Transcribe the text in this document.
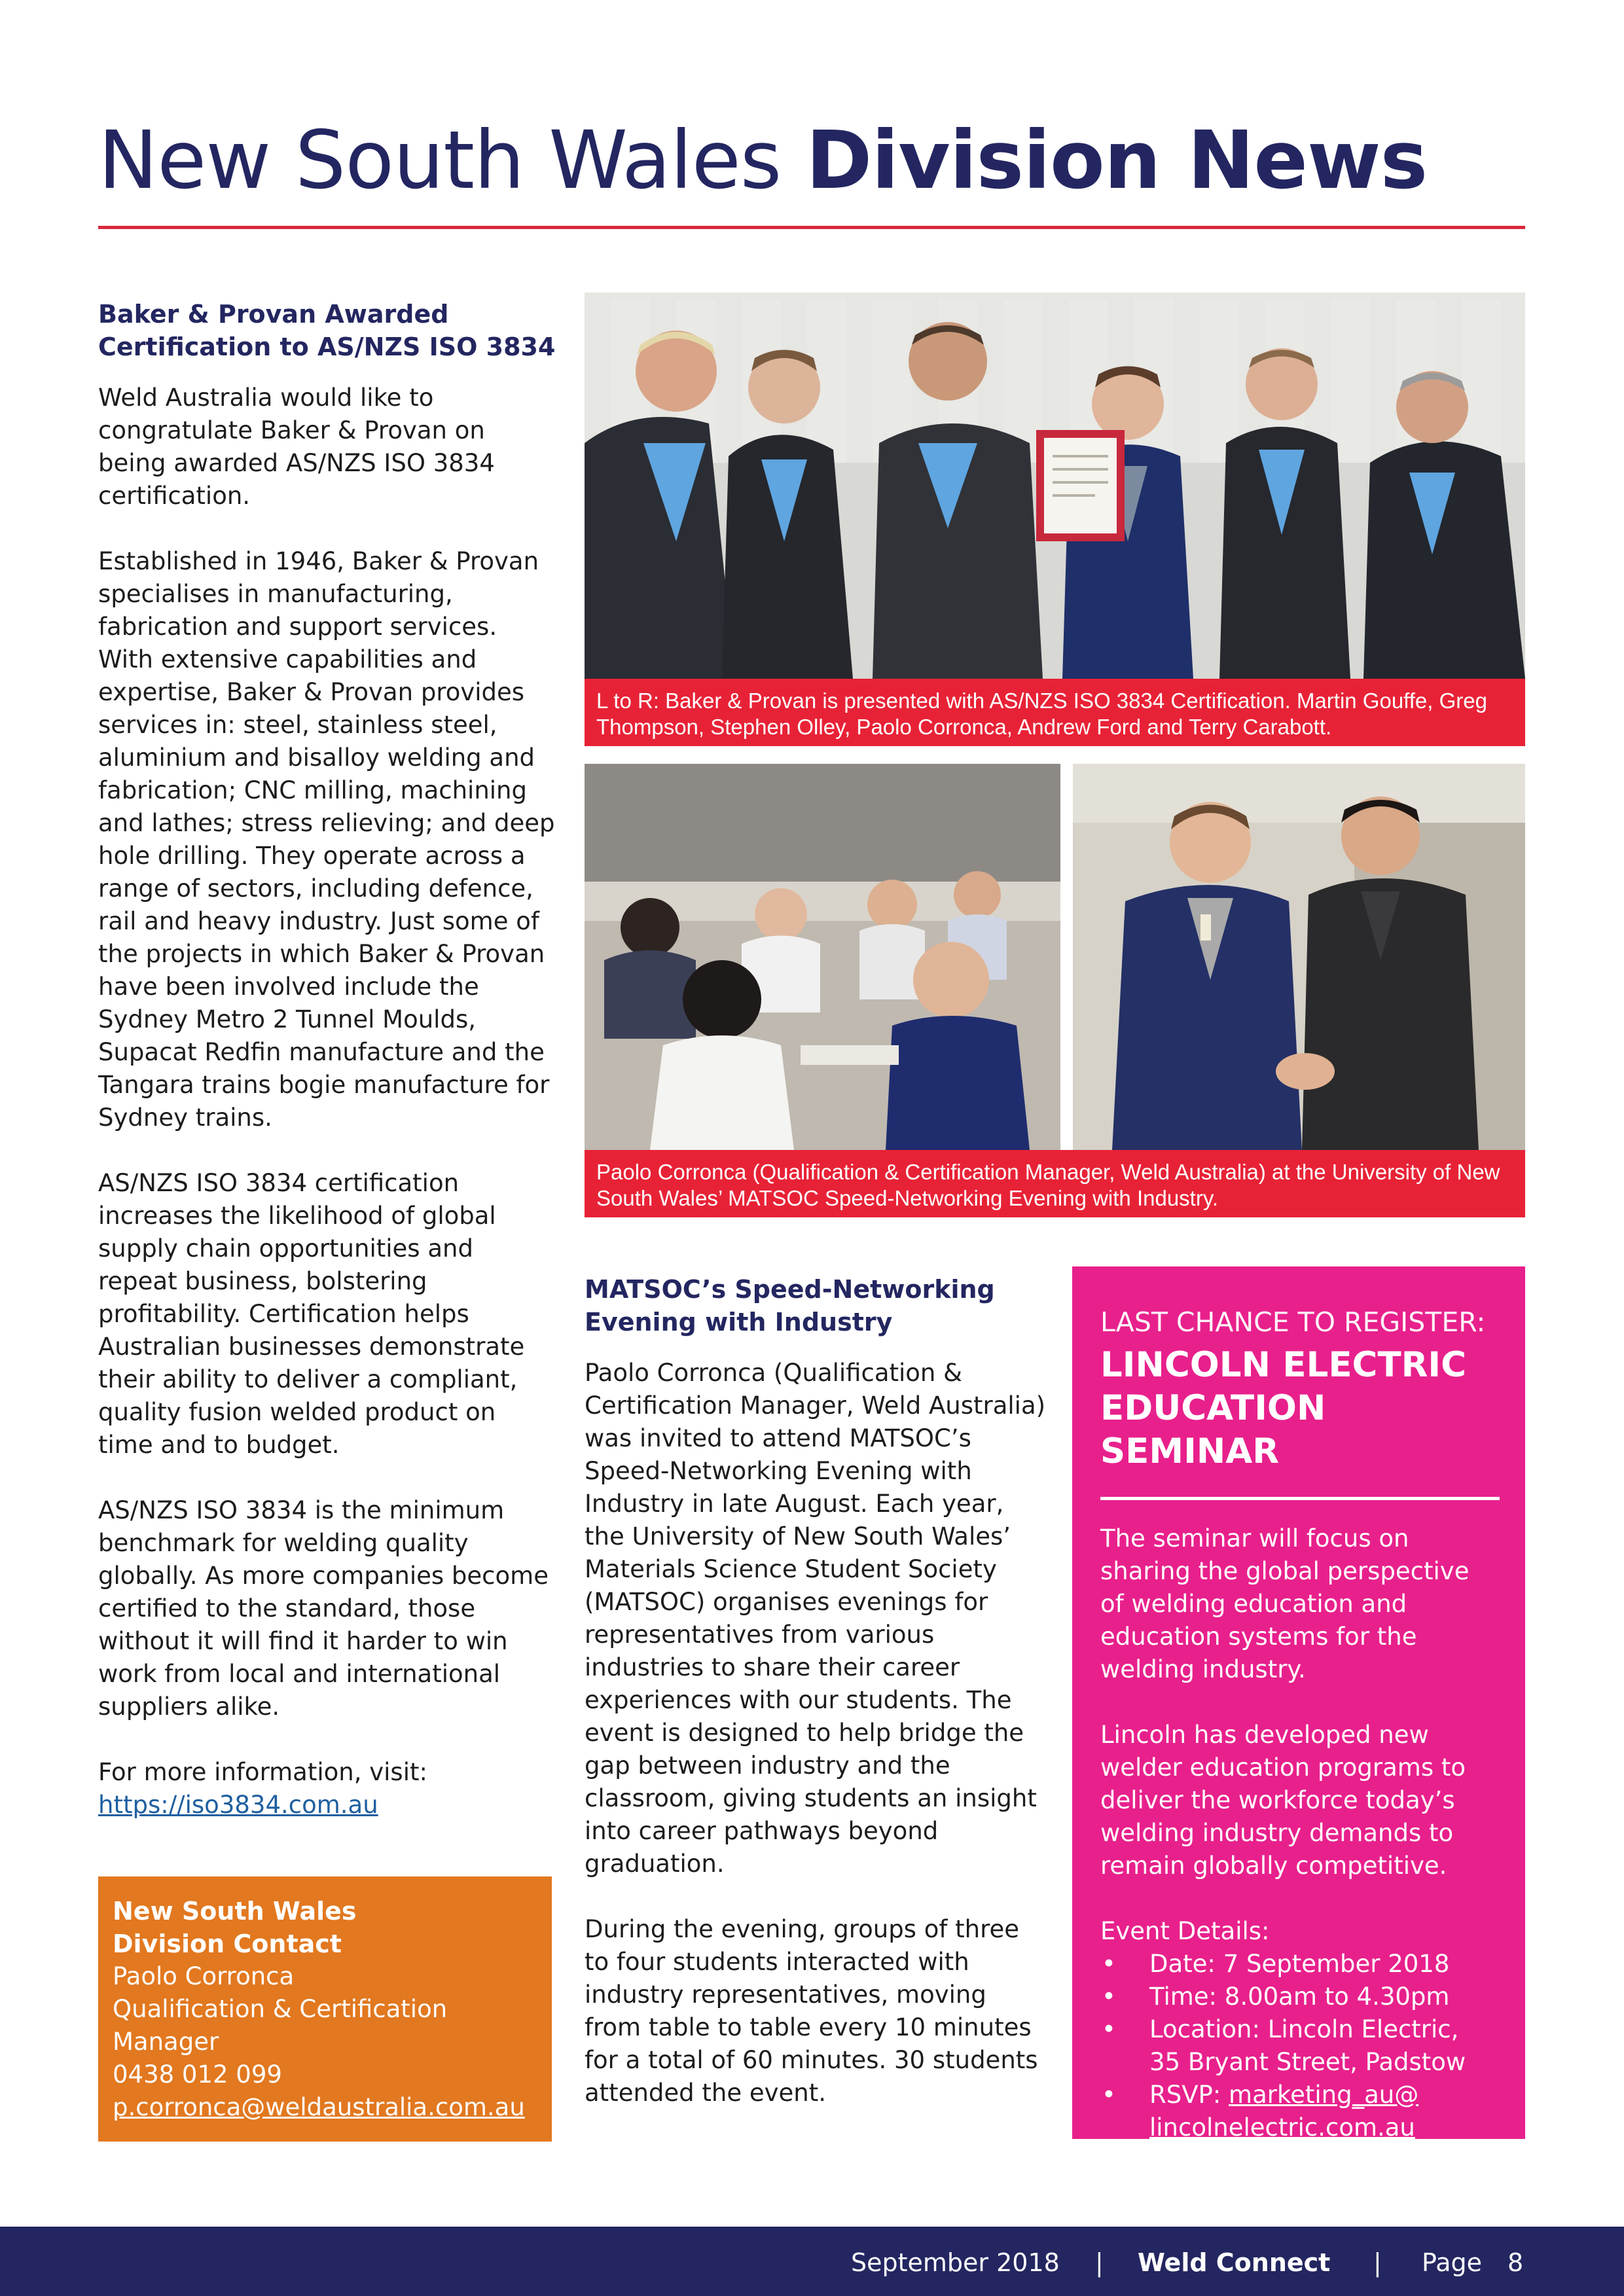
New South Wales Division News
Baker & Provan Awarded
Certification to AS/NZS ISO 3834

Weld Australia would like to congratulate Baker & Provan on being awarded AS/NZS ISO 3834 certification.

Established in 1946, Baker & Provan specialises in manufacturing, fabrication and support services. With extensive capabilities and expertise, Baker & Provan provides services in: steel, stainless steel, aluminium and bisalloy welding and fabrication; CNC milling, machining and lathes; stress relieving; and deep hole drilling. They operate across a range of sectors, including defence, rail and heavy industry. Just some of the projects in which Baker & Provan have been involved include the Sydney Metro 2 Tunnel Moulds, Supacat Redfin manufacture and the Tangara trains bogie manufacture for Sydney trains.

AS/NZS ISO 3834 certification increases the likelihood of global supply chain opportunities and repeat business, bolstering profitability. Certification helps Australian businesses demonstrate their ability to deliver a compliant, quality fusion welded product on time and to budget.

AS/NZS ISO 3834 is the minimum benchmark for welding quality globally. As more companies become certified to the standard, those without it will find it harder to win work from local and international suppliers alike.

For more information, visit:
https://iso3834.com.au

New South Wales
Division Contact
Paolo Corronca
Qualification & Certification
Manager
0438 012 099
p.corronca@weldaustralia.com.au
L to R: Baker & Provan is presented with AS/NZS ISO 3834 Certification. Martin Gouffe, Greg Thompson, Stephen Olley, Paolo Corronca, Andrew Ford and Terry Carabott.
Paolo Corronca (Qualification & Certification Manager, Weld Australia) at the University of New South Wales’ MATSOC Speed-Networking Evening with Industry.
MATSOC’s Speed-Networking
Evening with Industry

Paolo Corronca (Qualification & Certification Manager, Weld Australia) was invited to attend MATSOC’s Speed-Networking Evening with Industry in late August. Each year, the University of New South Wales’ Materials Science Student Society (MATSOC) organises evenings for representatives from various industries to share their career experiences with our students. The event is designed to help bridge the gap between industry and the classroom, giving students an insight into career pathways beyond graduation.

During the evening, groups of three to four students interacted with industry representatives, moving from table to table every 10 minutes for a total of 60 minutes. 30 students attended the event.

LAST CHANCE TO REGISTER:
LINCOLN ELECTRIC
EDUCATION SEMINAR
The seminar will focus on sharing the global perspective of welding education and education systems for the welding industry.
Lincoln has developed new welder education programs to deliver the workforce today’s welding industry demands to remain globally competitive.
Event Details:
• Date: 7 September 2018
• Time: 8.00am to 4.30pm
• Location: Lincoln Electric,
35 Bryant Street, Padstow
• RSVP: marketing_au@
lincolnelectric.com.au
September 2018 | Weld Connect | Page 8
